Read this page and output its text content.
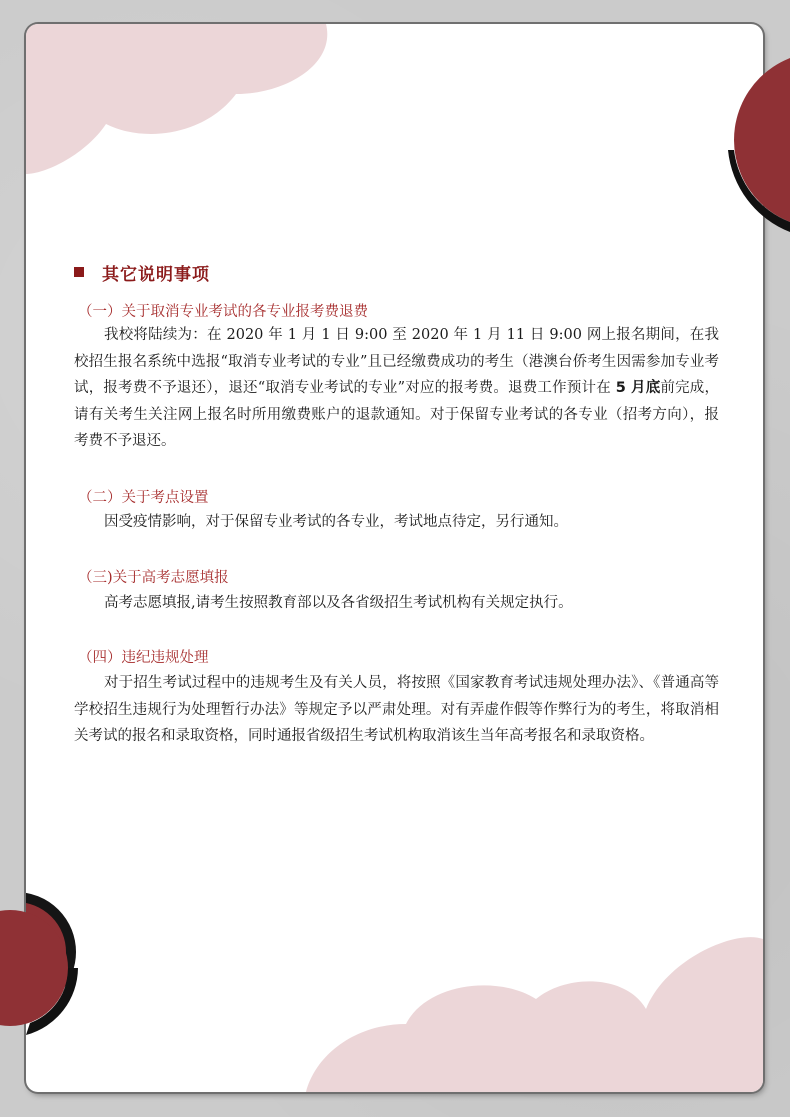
其它说明事项
（一）关于取消专业考试的各专业报考费退费
我校将陆续为：在 2020 年 1 月 1 日 9:00 至 2020 年 1 月 11 日 9:00 网上报名期间，在我校招生报名系统中选报“取消专业考试的专业”且已经缴费成功的考生（港澳台侨考生因需参加专业考试，报考费不予退还），退还“取消专业考试的专业”对应的报考费。退费工作预计在 5 月底前完成，请有关考生关注网上报名时所用缴费账户的退款通知。对于保留专业考试的各专业（招考方向），报考费不予退还。
（二）关于考点设置
因受疫情影响，对于保留专业考试的各专业，考试地点待定，另行通知。
（三)关于高考志愿填报
高考志愿填报,请考生按照教育部以及各省级招生考试机构有关规定执行。
（四）违纪违规处理
对于招生考试过程中的违规考生及有关人员，将按照《国家教育考试违规处理办法》、《普通高等学校招生违规行为处理暂行办法》等规定予以严肃处理。对有弄虚作假等作弊行为的考生，将取消相关考试的报名和录取资格，同时通报省级招生考试机构取消该生当年高考报名和录取资格。
